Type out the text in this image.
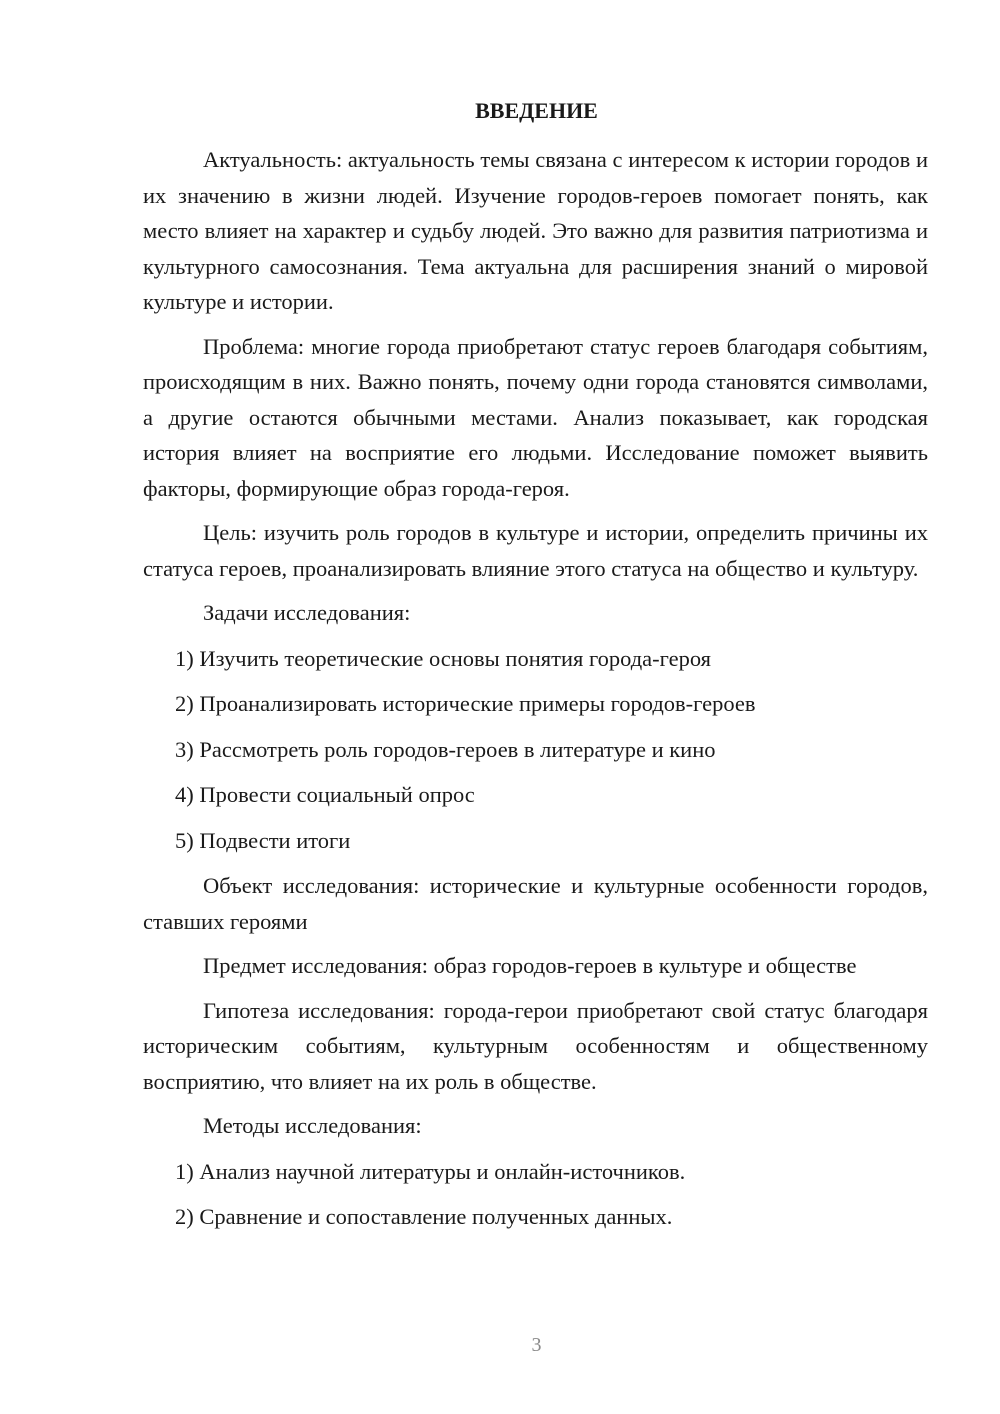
ВВЕДЕНИЕ

Актуальность: актуальность темы связана с интересом к истории городов и их значению в жизни людей. Изучение городов-героев помогает понять, как место влияет на характер и судьбу людей. Это важно для развития патриотизма и культурного самосознания. Тема актуальна для расширения знаний о мировой культуре и истории.

Проблема: многие города приобретают статус героев благодаря событиям, происходящим в них. Важно понять, почему одни города становятся символами, а другие остаются обычными местами. Анализ показывает, как городская история влияет на восприятие его людьми. Исследование поможет выявить факторы, формирующие образ города-героя.

Цель: изучить роль городов в культуре и истории, определить причины их статуса героев, проанализировать влияние этого статуса на общество и культуру.

Задачи исследования:

1) Изучить теоретические основы понятия города-героя

2) Проанализировать исторические примеры городов-героев

3) Рассмотреть роль городов-героев в литературе и кино

4) Провести социальный опрос

5) Подвести итоги

Объект исследования: исторические и культурные особенности городов, ставших героями

Предмет исследования: образ городов-героев в культуре и обществе

Гипотеза исследования: города-герои приобретают свой статус благодаря историческим событиям, культурным особенностям и общественному восприятию, что влияет на их роль в обществе.

Методы исследования:

1) Анализ научной литературы и онлайн-источников.

2) Сравнение и сопоставление полученных данных.

3
